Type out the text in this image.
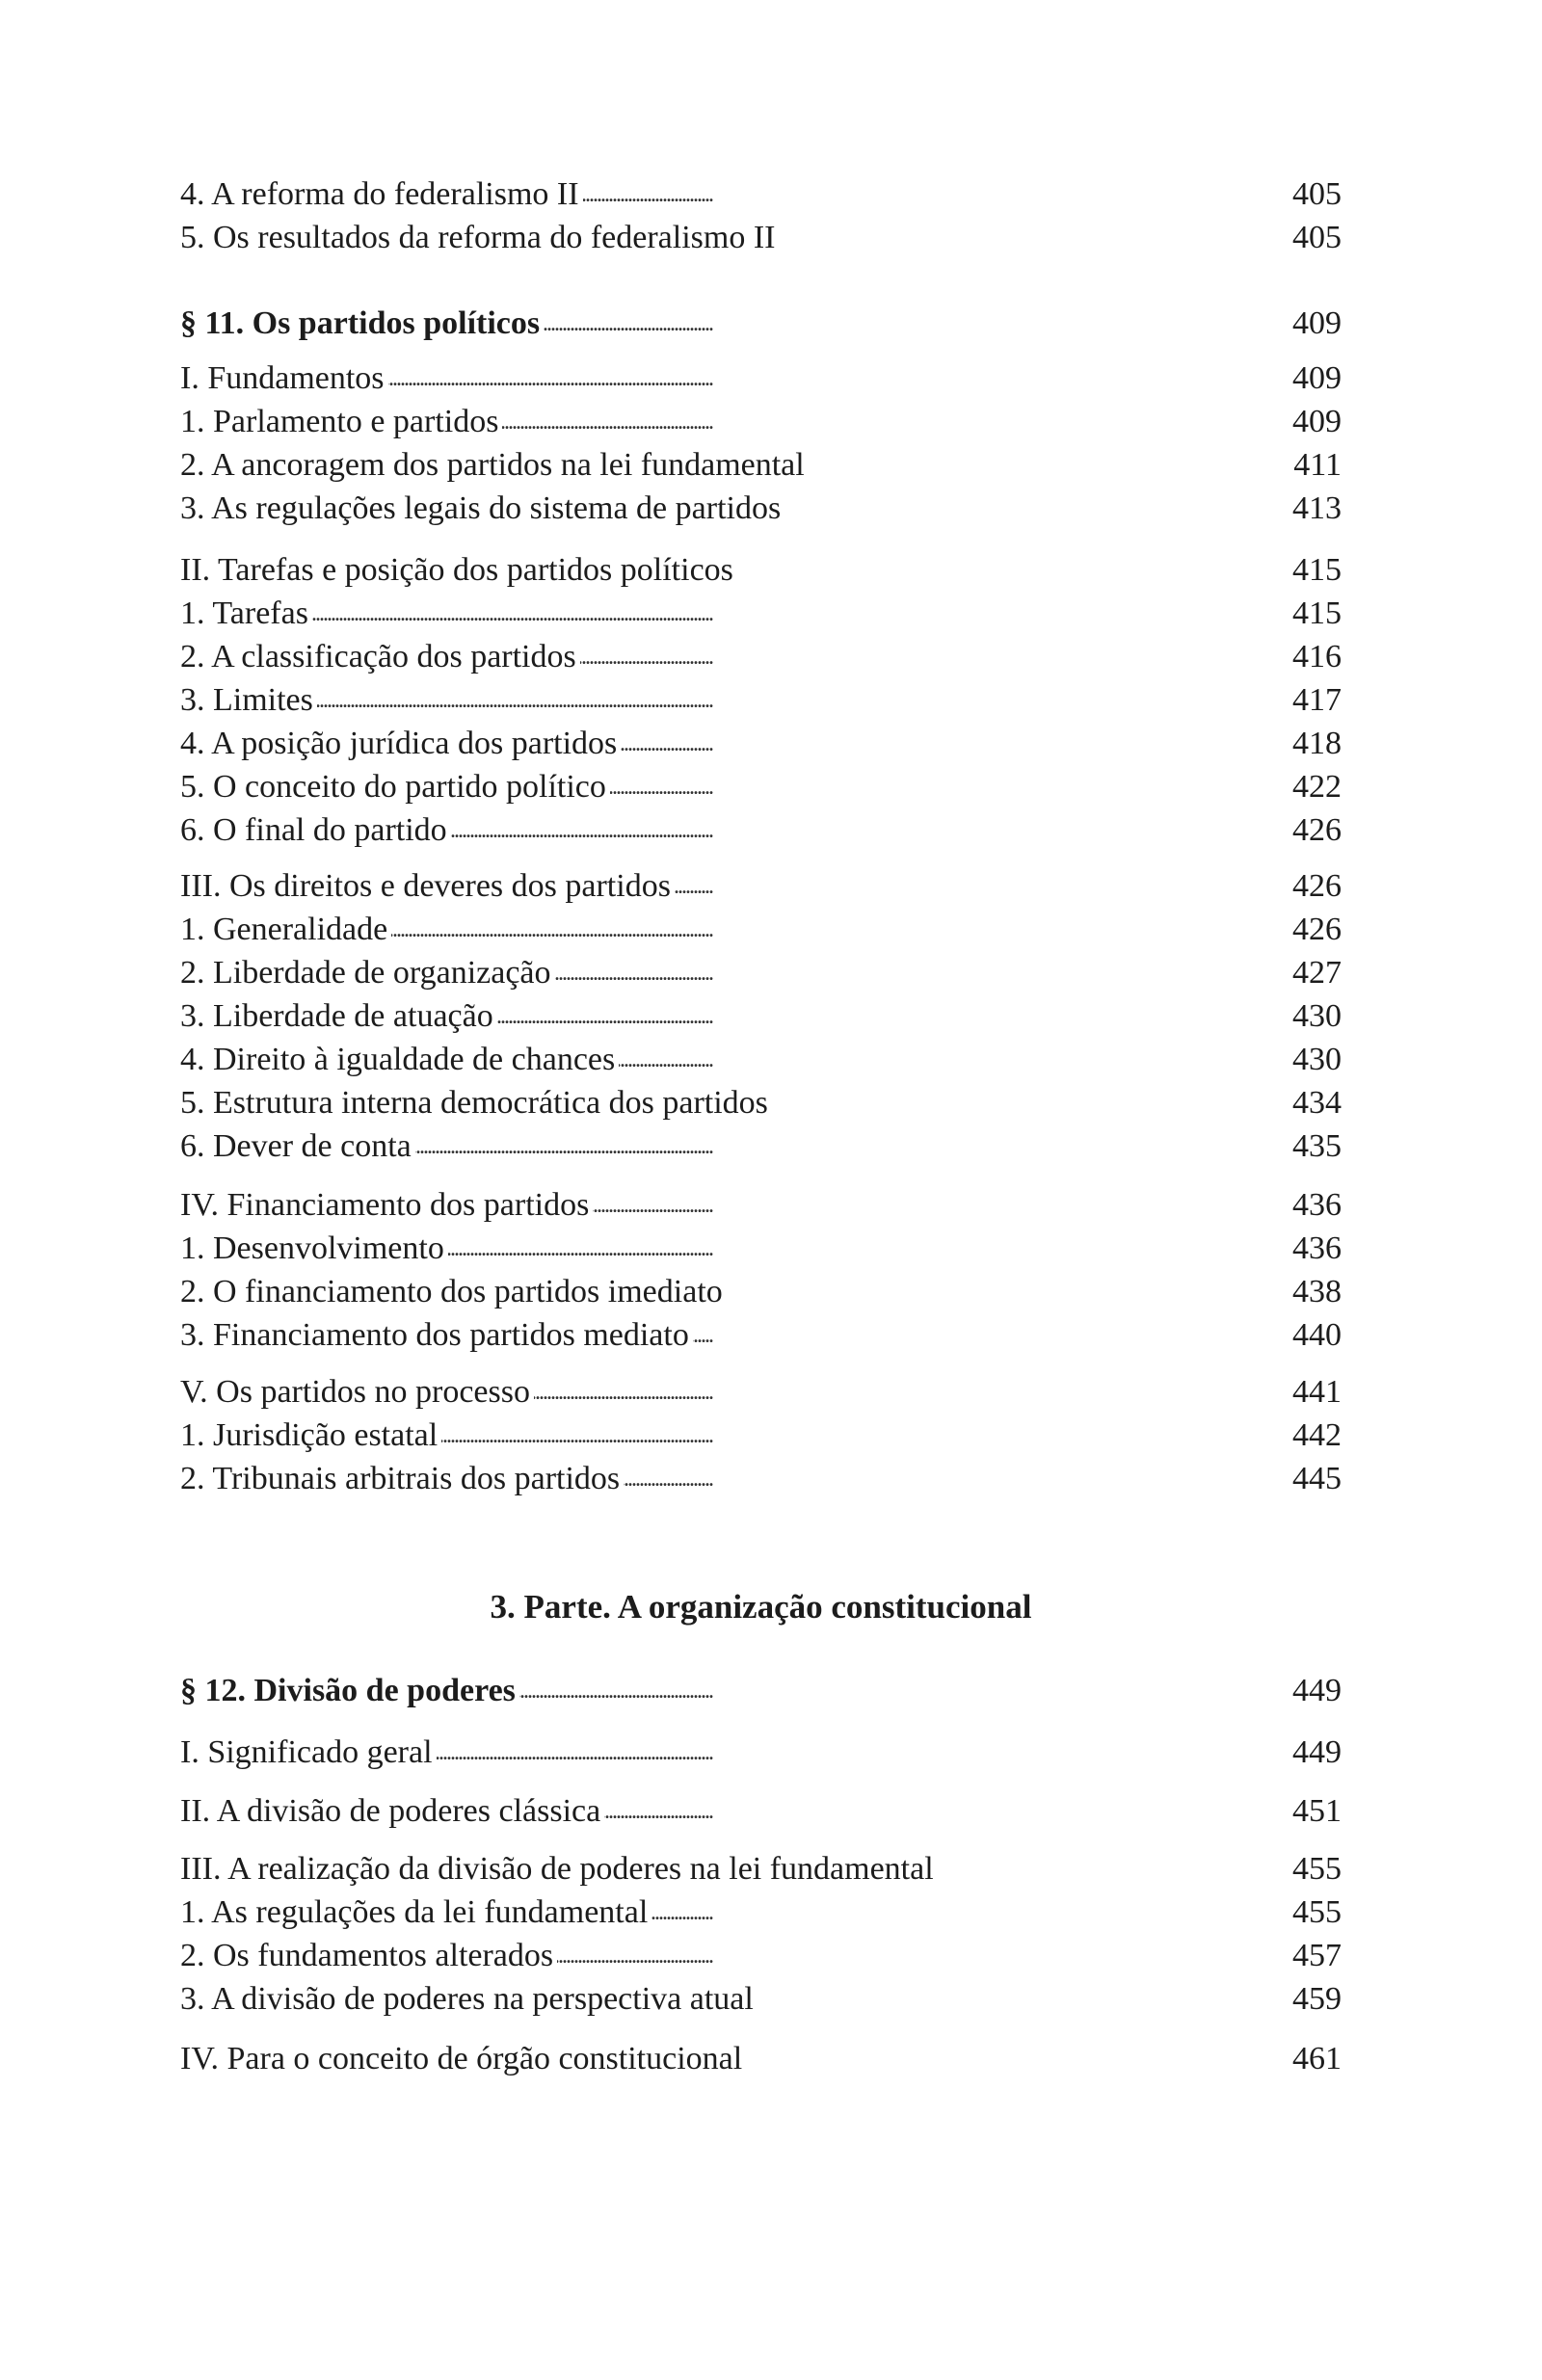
4. A reforma do federalismo II . . .	405
5. Os resultados da reforma do federalismo II . . .	405
§ 11. Os partidos políticos . . .	409
I. Fundamentos . . .	409
1. Parlamento e partidos . . .	409
2. A ancoragem dos partidos na lei fundamental . . .	411
3. As regulações legais do sistema de partidos . . .	413
II. Tarefas e posição dos partidos políticos . . .	415
1. Tarefas . . .	415
2. A classificação dos partidos . . .	416
3. Limites . . .	417
4. A posição jurídica dos partidos . . .	418
5. O conceito do partido político . . .	422
6. O final do partido . . .	426
III. Os direitos e deveres dos partidos . . .	426
1. Generalidade . . .	426
2. Liberdade de organização . . .	427
3. Liberdade de atuação . . .	430
4. Direito à igualdade de chances . . .	430
5. Estrutura interna democrática dos partidos . . .	434
6. Dever de conta . . .	435
IV. Financiamento dos partidos . . .	436
1. Desenvolvimento . . .	436
2. O financiamento dos partidos imediato . . .	438
3. Financiamento dos partidos mediato . . .	440
V. Os partidos no processo . . .	441
1. Jurisdição estatal . . .	442
2. Tribunais arbitrais dos partidos . . .	445
3. Parte. A organização constitucional
§ 12. Divisão de poderes . . .	449
I. Significado geral . . .	449
II. A divisão de poderes clássica . . .	451
III. A realização da divisão de poderes na lei fundamental . . .	455
1. As regulações da lei fundamental . . .	455
2. Os fundamentos alterados . . .	457
3. A divisão de poderes na perspectiva atual . . .	459
IV. Para o conceito de órgão constitucional . . .	461
